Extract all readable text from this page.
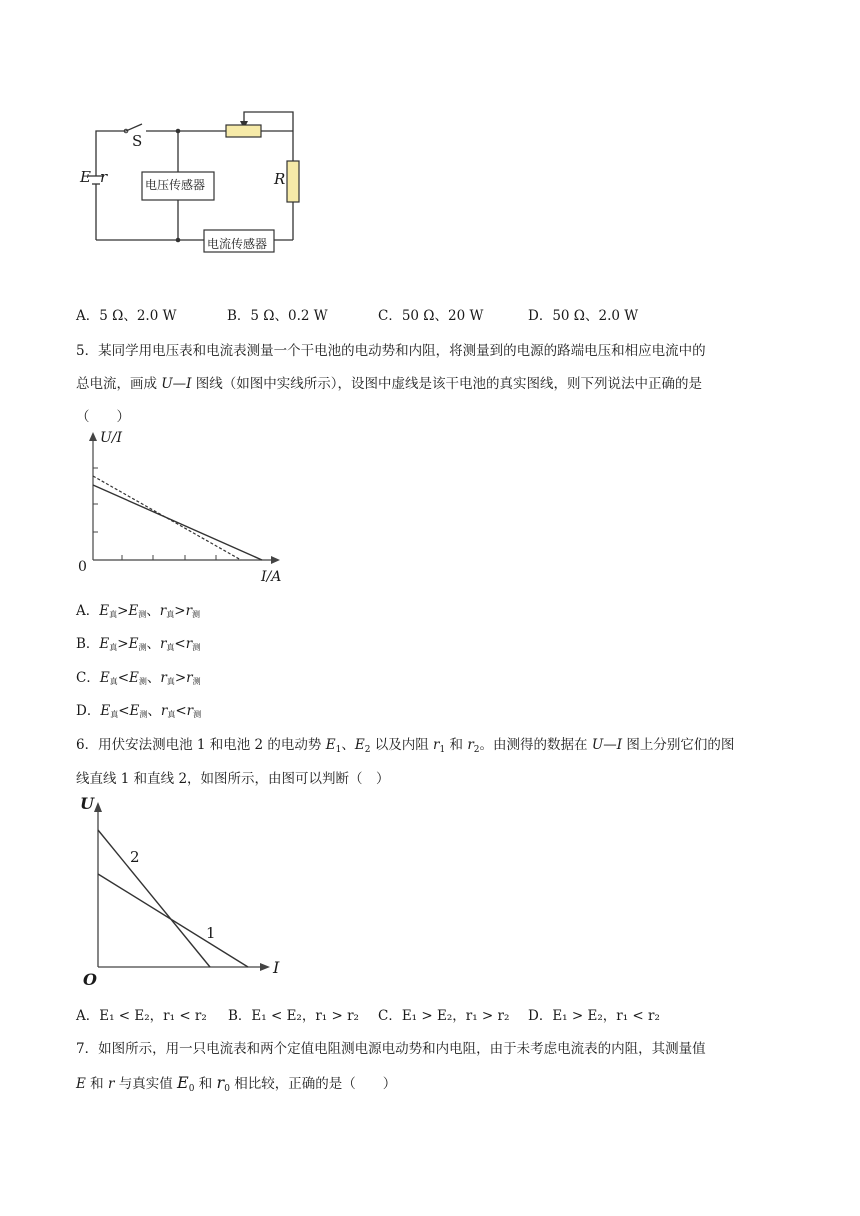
S
E r	R
电压传感器
电流传感器
A．5 Ω、2.0 W	B．5 Ω、0.2 W	C．50 Ω、20 W	D．50 Ω、2.0 W
5．某同学用电压表和电流表测量一个干电池的电动势和内阻，将测量到的电源的路端电压和相应电流中的
总电流，画成 U—I 图线（如图中实线所示），设图中虚线是该干电池的真实图线，则下列说法中正确的是
（　　）
U/I
0
I/A
A．$E_真>E_测$、$r_真>r_测$
B．$E_真>E_测$、$r_真<r_测$
C．$E_真<E_测$、$r_真>r_测$
D．$E_真<E_测$、$r_真<r_测$
6．用伏安法测电池 1 和电池 2 的电动势 $E_1$、$E_2$ 以及内阻 $r_1$ 和 $r_2$。由测得的数据在 U—I 图上分别它们的图
线直线 1 和直线 2，如图所示，由图可以判断（　）
U
O
I
2
1
A．E₁ < E₂，r₁ < r₂ B．E₁ < E₂，r₁ > r₂ C．E₁ > E₂，r₁ > r₂ D．E₁ > E₂，r₁ < r₂
7．如图所示，用一只电流表和两个定值电阻测电源电动势和内电阻，由于未考虑电流表的内阻，其测量值
E 和 r 与真实值 $E_0$ 和 $r_0$ 相比较，正确的是（　　）
